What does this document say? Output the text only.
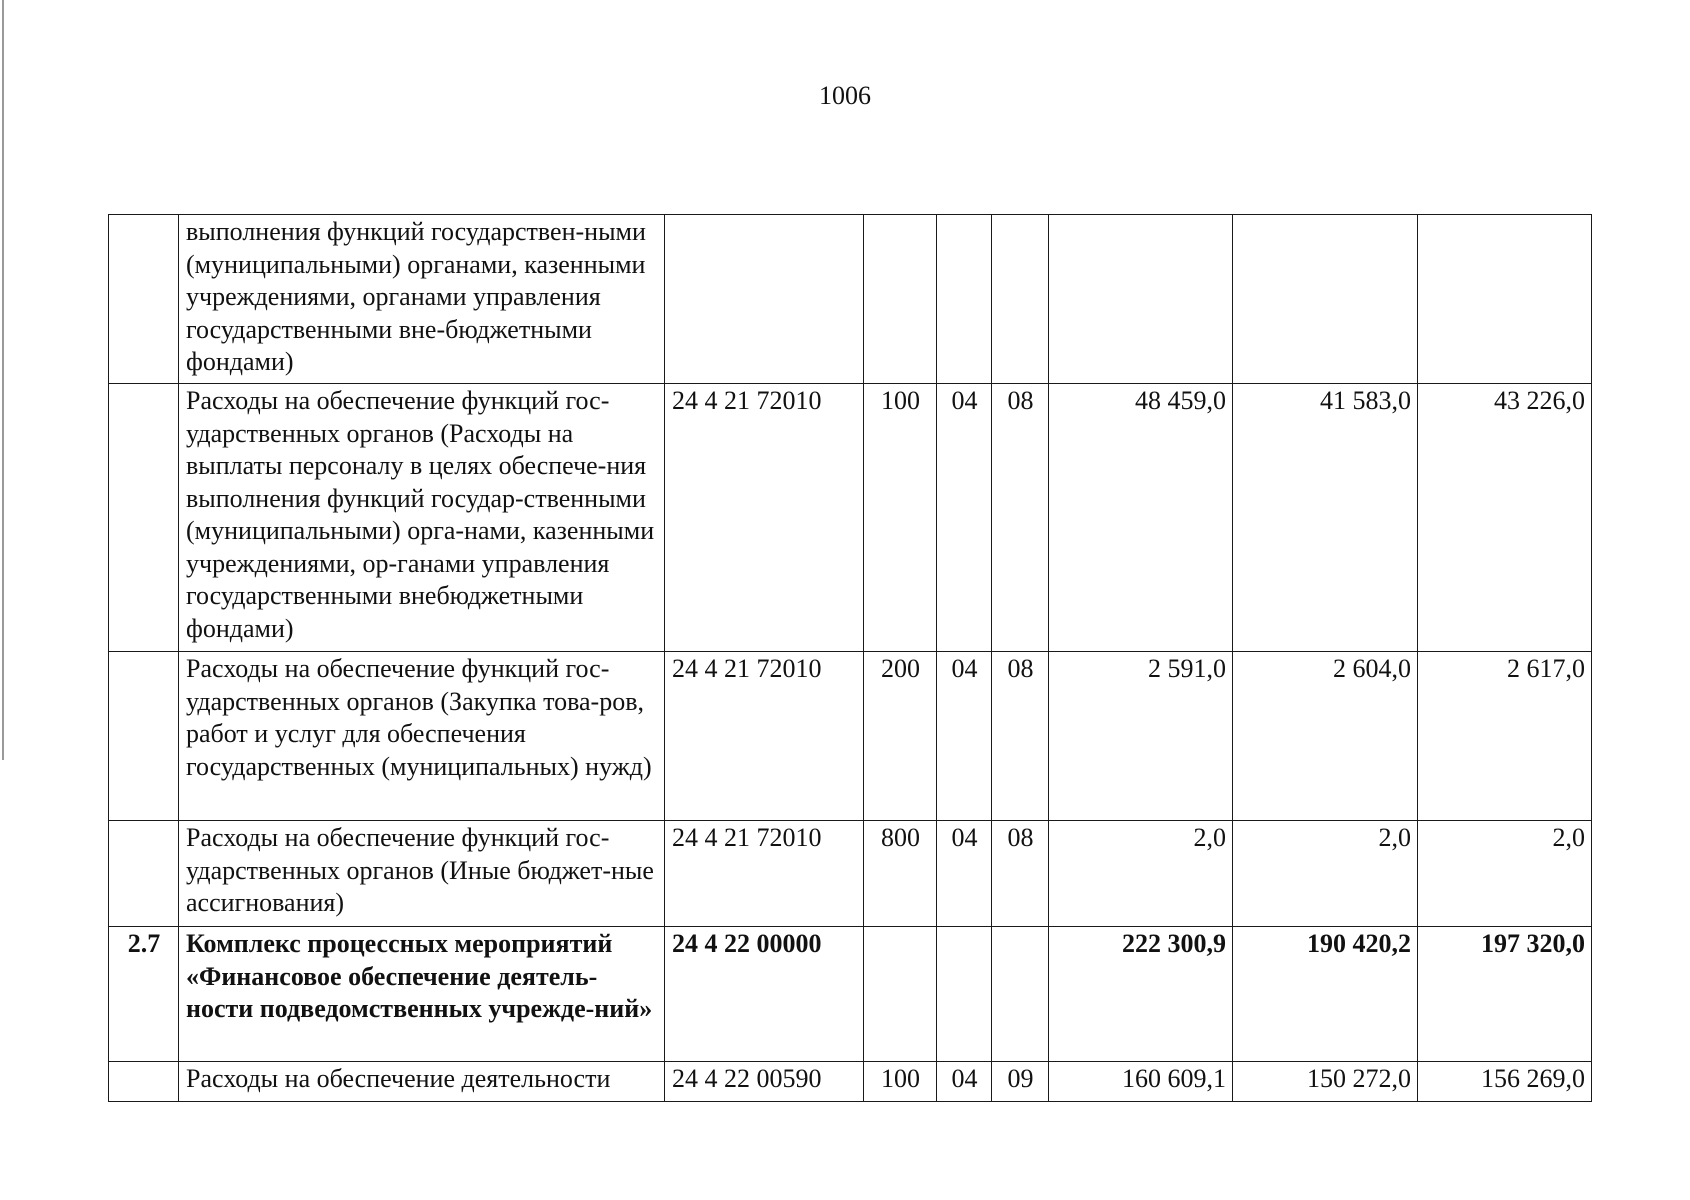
1006
	выполнения функций государствен-ными (муниципальными) органами, казенными учреждениями, органами управления государственными вне-бюджетными фондами)							
	Расходы на обеспечение функций гос-ударственных органов (Расходы на выплаты персоналу в целях обеспече-ния выполнения функций государ-ственными (муниципальными) орга-нами, казенными учреждениями, ор-ганами управления государственными внебюджетными фондами)	24 4 21 72010	100	04	08	48 459,0	41 583,0	43 226,0
	Расходы на обеспечение функций гос-ударственных органов (Закупка това-ров, работ и услуг для обеспечения государственных (муниципальных) нужд)	24 4 21 72010	200	04	08	2 591,0	2 604,0	2 617,0
	Расходы на обеспечение функций гос-ударственных органов (Иные бюджет-ные ассигнования)	24 4 21 72010	800	04	08	2,0	2,0	2,0
2.7	Комплекс процессных мероприятий «Финансовое обеспечение деятель-ности подведомственных учрежде-ний»	24 4 22 00000				222 300,9	190 420,2	197 320,0
	Расходы на обеспечение деятельности	24 4 22 00590	100	04	09	160 609,1	150 272,0	156 269,0
